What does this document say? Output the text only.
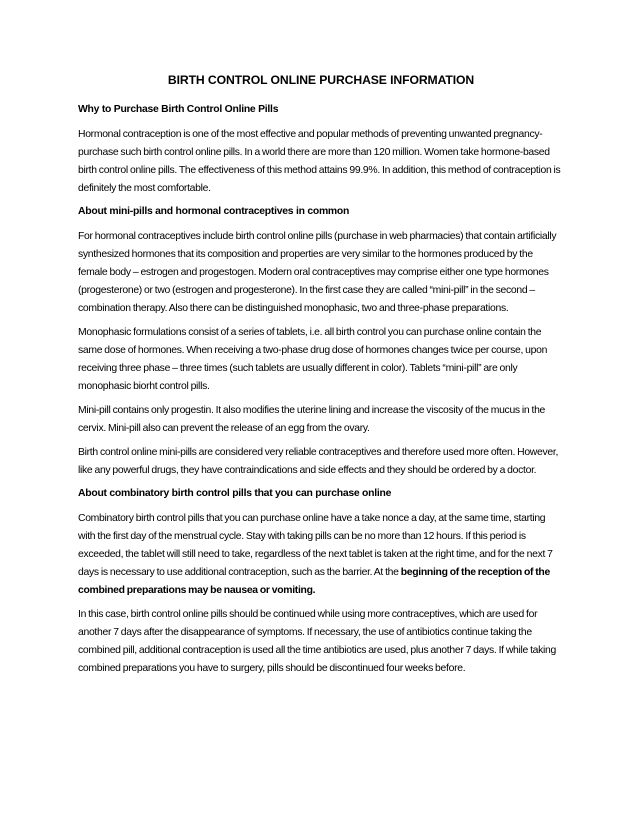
BIRTH CONTROL ONLINE PURCHASE INFORMATION
Why to Purchase Birth Control Online Pills
Hormonal contraception is one of the most effective and popular methods of preventing unwanted pregnancy- purchase such birth control online pills. In a world there are more than 120 million. Women take hormone-based birth control online pills. The effectiveness of this method attains 99.9%. In addition, this method of contraception is definitely the most comfortable.
About mini-pills and hormonal contraceptives in common
For hormonal contraceptives include birth control online pills (purchase in web pharmacies) that contain artificially synthesized hormones that its composition and properties are very similar to the hormones produced by the female body – estrogen and progestogen. Modern oral contraceptives may comprise either one type hormones (progesterone) or two (estrogen and progesterone). In the first case they are called “mini-pill” in the second – combination therapy. Also there can be distinguished monophasic, two and three-phase preparations.
Monophasic formulations consist of a series of tablets, i.e. all birth control you can purchase online contain the same dose of hormones. When receiving a two-phase drug dose of hormones changes twice per course, upon receiving three phase – three times (such tablets are usually different in color). Tablets “mini-pill” are only monophasic biorht control pills.
Mini-pill contains only progestin. It also modifies the uterine lining and increase the viscosity of the mucus in the cervix. Mini-pill also can prevent the release of an egg from the ovary.
Birth control online mini-pills are considered very reliable contraceptives and therefore used more often. However, like any powerful drugs, they have contraindications and side effects and they should be ordered by a doctor.
About combinatory birth control pills that you can purchase online
Combinatory birth control pills that you can purchase online have a take nonce a day, at the same time, starting with the first day of the menstrual cycle. Stay with taking pills can be no more than 12 hours. If this period is exceeded, the tablet will still need to take, regardless of the next tablet is taken at the right time, and for the next 7 days is necessary to use additional contraception, such as the barrier. At the beginning of the reception of the combined preparations may be nausea or vomiting.
In this case, birth control online pills should be continued while using more contraceptives, which are used for another 7 days after the disappearance of symptoms. If necessary, the use of antibiotics continue taking the combined pill, additional contraception is used all the time antibiotics are used, plus another 7 days. If while taking combined preparations you have to surgery, pills should be discontinued four weeks before.
